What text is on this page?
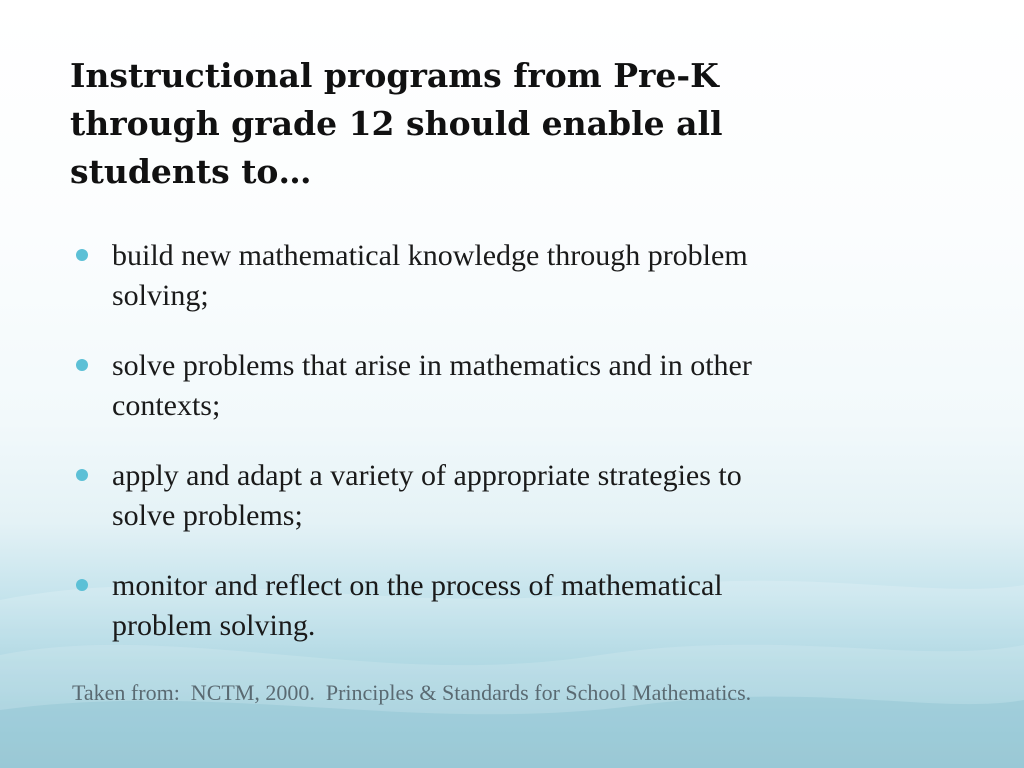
Instructional programs from Pre-K
through grade 12 should enable all
students to…
build new mathematical knowledge through problem
solving;
solve problems that arise in mathematics and in other
contexts;
apply and adapt a variety of appropriate strategies to
solve problems;
monitor and reflect on the process of mathematical
problem solving.

Taken from:  NCTM, 2000.  Principles & Standards for School Mathematics.
